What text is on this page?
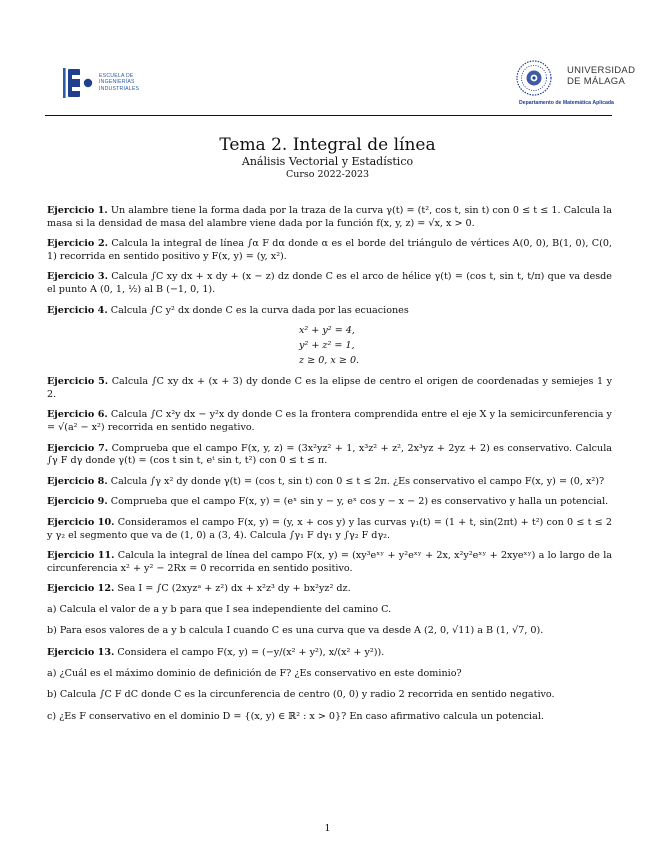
ESCUELA DE
INGENIERÍAS
INDUSTRIALES
UNIVERSIDAD
DE MÁLAGA
Departamento de Matemática Aplicada
Tema 2. Integral de línea
Análisis Vectorial y Estadístico
Curso 2022-2023

Ejercicio 1. Un alambre tiene la forma dada por la traza de la curva γ(t) = (t², cos t, sin t) con 0 ≤ t ≤ 1. Calcula la masa si la densidad de masa del alambre viene dada por la función f(x, y, z) = √x, x > 0.

Ejercicio 2. Calcula la integral de línea ∫α F dα donde α es el borde del triángulo de vértices A(0, 0), B(1, 0), C(0, 1) recorrida en sentido positivo y F(x, y) = (y, x²).

Ejercicio 3. Calcula ∫C xy dx + x dy + (x − z) dz donde C es el arco de hélice γ(t) = (cos t, sin t, t/π) que va desde el punto A (0, 1, ½) al B (−1, 0, 1).

Ejercicio 4. Calcula ∫C y² dx donde C es la curva dada por las ecuaciones

x² + y² = 4,
y² + z² = 1,
z ≥ 0, x ≥ 0.

Ejercicio 5. Calcula ∫C xy dx + (x + 3) dy donde C es la elipse de centro el origen de coordenadas y semiejes 1 y 2.

Ejercicio 6. Calcula ∫C x²y dx − y²x dy donde C es la frontera comprendida entre el eje X y la semicircunferencia y = √(a² − x²) recorrida en sentido negativo.

Ejercicio 7. Comprueba que el campo F(x, y, z) = (3x²yz² + 1, x³z² + z², 2x³yz + 2yz + 2) es conservativo. Calcula ∫γ F dγ donde γ(t) = (cos t sin t, eᵗ sin t, t²) con 0 ≤ t ≤ π.

Ejercicio 8. Calcula ∫γ x² dy donde γ(t) = (cos t, sin t) con 0 ≤ t ≤ 2π. ¿Es conservativo el campo F(x, y) = (0, x²)?

Ejercicio 9. Comprueba que el campo F(x, y) = (eˣ sin y − y, eˣ cos y − x − 2) es conservativo y halla un potencial.

Ejercicio 10. Consideramos el campo F(x, y) = (y, x + cos y) y las curvas γ₁(t) = (1 + t, sin(2πt) + t²) con 0 ≤ t ≤ 2 y γ₂ el segmento que va de (1, 0) a (3, 4). Calcula ∫γ₁ F dγ₁ y ∫γ₂ F dγ₂.

Ejercicio 11. Calcula la integral de línea del campo F(x, y) = (xy³eˣʸ + y²eˣʸ + 2x, x²y²eˣʸ + 2xyeˣʸ) a lo largo de la circunferencia x² + y² − 2Rx = 0 recorrida en sentido positivo.

Ejercicio 12. Sea I = ∫C (2xyzᵃ + z²) dx + x²z³ dy + bx²yz² dz.

a) Calcula el valor de a y b para que I sea independiente del camino C.

b) Para esos valores de a y b calcula I cuando C es una curva que va desde A (2, 0, √11) a B (1, √7, 0).

Ejercicio 13. Considera el campo F(x, y) = (−y/(x² + y²), x/(x² + y²)).

a) ¿Cuál es el máximo dominio de definición de F? ¿Es conservativo en este dominio?

b) Calcula ∫C F dC donde C es la circunferencia de centro (0, 0) y radio 2 recorrida en sentido negativo.

c) ¿Es F conservativo en el dominio D = {(x, y) ∈ ℝ² : x > 0}? En caso afirmativo calcula un potencial.

1
